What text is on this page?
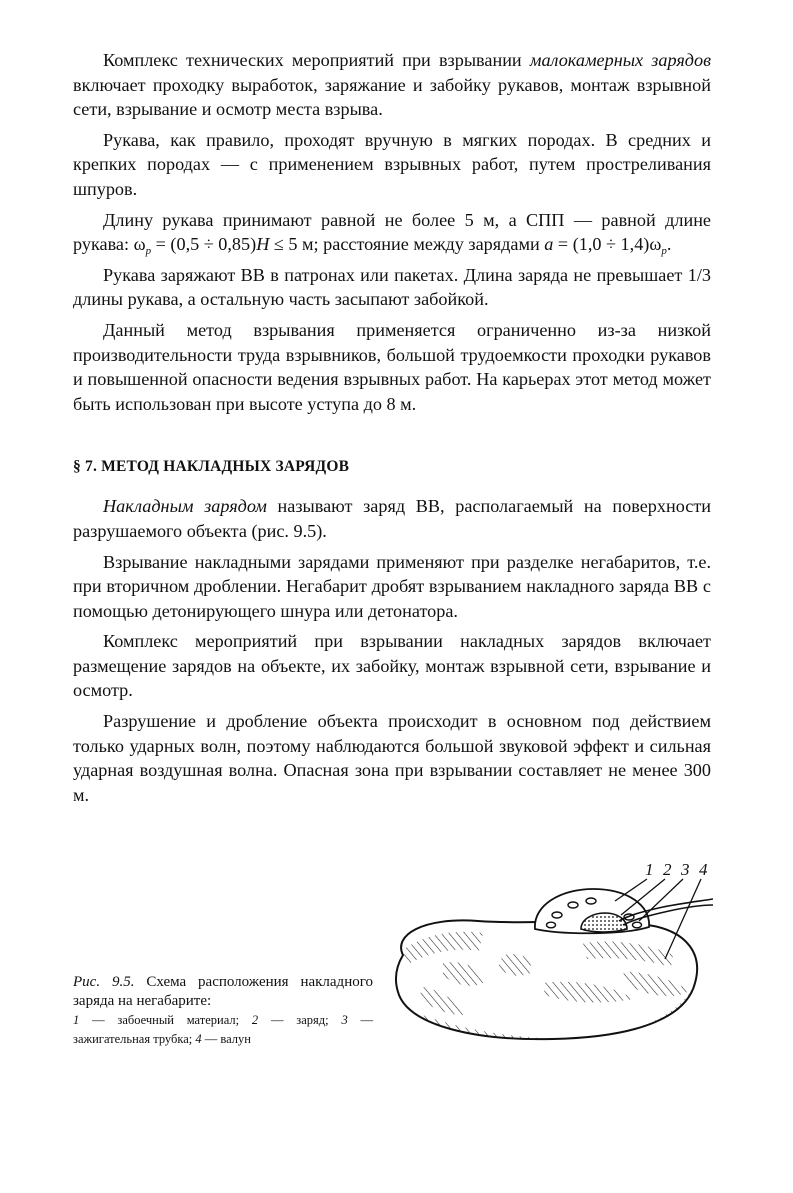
Комплекс технических мероприятий при взрывании малокамерных зарядов включает проходку выработок, заряжание и забойку рукавов, монтаж взрывной сети, взрывание и осмотр места взрыва.

Рукава, как правило, проходят вручную в мягких породах. В средних и крепких породах — с применением взрывных работ, путем простреливания шпуров.

Длину рукава принимают равной не более 5 м, а СПП — равной длине рукава: $\omega_р = (0,5 \div 0,85)H \le 5$ м; расстояние между зарядами $a = (1,0 \div 1,4)\omega_р$.

Рукава заряжают ВВ в патронах или пакетах. Длина заряда не превышает 1/3 длины рукава, а остальную часть засыпают забойкой.

Данный метод взрывания применяется ограниченно из-за низкой производительности труда взрывников, большой трудоемкости проходки рукавов и повышенной опасности ведения взрывных работ. На карьерах этот метод может быть использован при высоте уступа до 8 м.

§ 7. МЕТОД НАКЛАДНЫХ ЗАРЯДОВ

Накладным зарядом называют заряд ВВ, располагаемый на поверхности разрушаемого объекта (рис. 9.5).

Взрывание накладными зарядами применяют при разделке негабаритов, т.е. при вторичном дроблении. Негабарит дробят взрыванием накладного заряда ВВ с помощью детонирующего шнура или детонатора.

Комплекс мероприятий при взрывании накладных зарядов включает размещение зарядов на объекте, их забойку, монтаж взрывной сети, взрывание и осмотр.

Разрушение и дробление объекта происходит в основном под действием только ударных волн, поэтому наблюдаются большой звуковой эффект и сильная ударная воздушная волна. Опасная зона при взрывании составляет не менее 300 м.

Рис. 9.5. Схема расположения накладного заряда на негабарите:
1 — забоечный материал; 2 — заряд; 3 — зажигательная трубка; 4 — валун
1 2 3 4
